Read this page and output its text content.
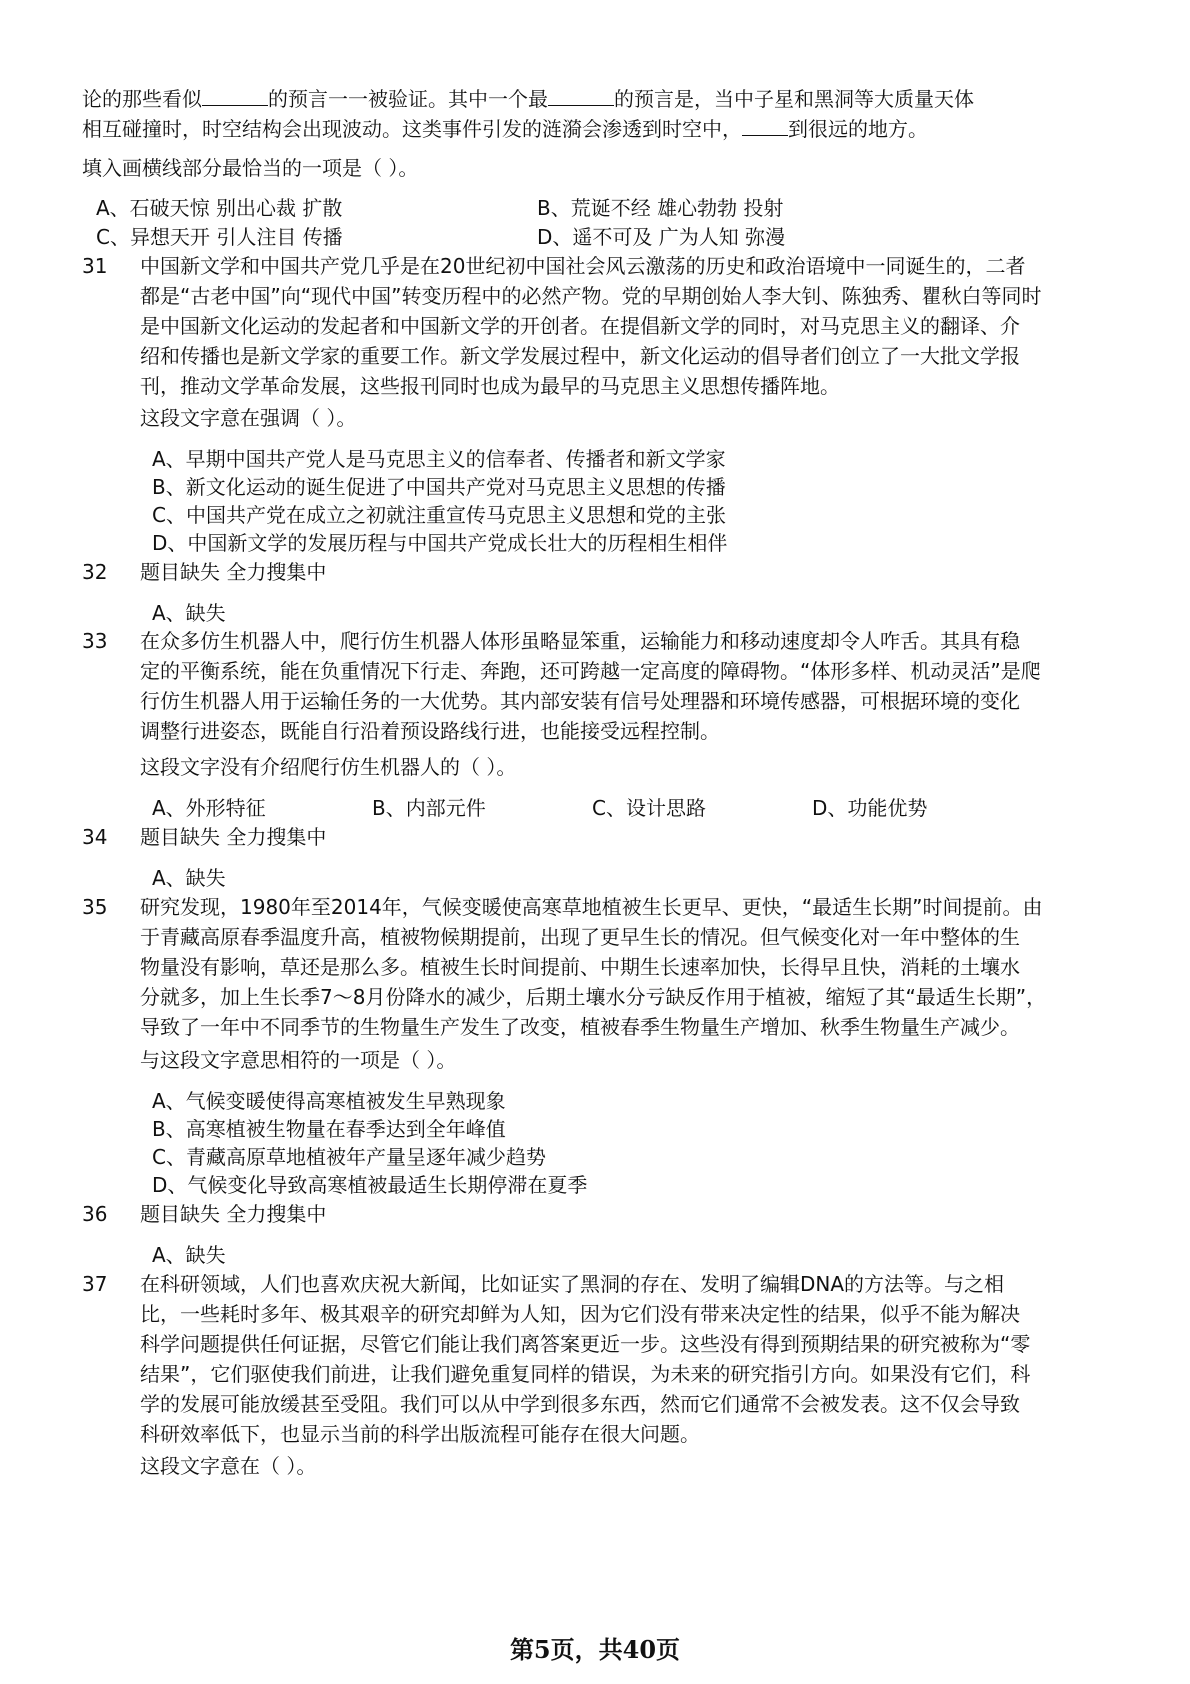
论的那些看似	的预言一一被验证。其中一个最	的预言是，当中子星和黑洞等大质量天体
相互碰撞时，时空结构会出现波动。这类事件引发的涟漪会渗透到时空中， 到很远的地方。
填入画横线部分最恰当的一项是（ ）。
A、石破天惊 别出心裁 扩散	B、荒诞不经 雄心勃勃 投射
C、异想天开 引人注目 传播	D、遥不可及 广为人知 弥漫
31 中国新文学和中国共产党几乎是在20世纪初中国社会风云激荡的历史和政治语境中一同诞生的，二者

都是“古老中国”向“现代中国”转变历程中的必然产物。党的早期创始人李大钊、陈独秀、瞿秋白等同时

是中国新文化运动的发起者和中国新文学的开创者。在提倡新文学的同时，对马克思主义的翻译、介

绍和传播也是新文学家的重要工作。新文学发展过程中，新文化运动的倡导者们创立了一大批文学报

刊，推动文学革命发展，这些报刊同时也成为最早的马克思主义思想传播阵地。

这段文字意在强调（ ）。
A、早期中国共产党人是马克思主义的信奉者、传播者和新文学家
B、新文化运动的诞生促进了中国共产党对马克思主义思想的传播
C、中国共产党在成立之初就注重宣传马克思主义思想和党的主张
D、中国新文学的发展历程与中国共产党成长壮大的历程相生相伴
32 题目缺失 全力搜集中
A、缺失
33 在众多仿生机器人中，爬行仿生机器人体形虽略显笨重，运输能力和移动速度却令人咋舌。其具有稳

定的平衡系统，能在负重情况下行走、奔跑，还可跨越一定高度的障碍物。“体形多样、机动灵活”是爬

行仿生机器人用于运输任务的一大优势。其内部安装有信号处理器和环境传感器，可根据环境的变化

调整行进姿态，既能自行沿着预设路线行进，也能接受远程控制。

这段文字没有介绍爬行仿生机器人的（ ）。
A、外形特征	B、内部元件	C、设计思路	D、功能优势
34 题目缺失 全力搜集中
A、缺失
35 研究发现，1980年至2014年，气候变暖使高寒草地植被生长更早、更快，“最适生长期”时间提前。由

于青藏高原春季温度升高，植被物候期提前，出现了更早生长的情况。但气候变化对一年中整体的生

物量没有影响，草还是那么多。植被生长时间提前、中期生长速率加快，长得早且快，消耗的土壤水

分就多，加上生长季7～8月份降水的减少，后期土壤水分亏缺反作用于植被，缩短了其“最适生长期”，

导致了一年中不同季节的生物量生产发生了改变，植被春季生物量生产增加、秋季生物量生产减少。

与这段文字意思相符的一项是（ ）。
A、气候变暖使得高寒植被发生早熟现象
B、高寒植被生物量在春季达到全年峰值
C、青藏高原草地植被年产量呈逐年减少趋势
D、气候变化导致高寒植被最适生长期停滞在夏季
36 题目缺失 全力搜集中
A、缺失
37 在科研领域，人们也喜欢庆祝大新闻，比如证实了黑洞的存在、发明了编辑DNA的方法等。与之相

比，一些耗时多年、极其艰辛的研究却鲜为人知，因为它们没有带来决定性的结果，似乎不能为解决

科学问题提供任何证据，尽管它们能让我们离答案更近一步。这些没有得到预期结果的研究被称为“零

结果”，它们驱使我们前进，让我们避免重复同样的错误，为未来的研究指引方向。如果没有它们，科

学的发展可能放缓甚至受阻。我们可以从中学到很多东西，然而它们通常不会被发表。这不仅会导致

科研效率低下，也显示当前的科学出版流程可能存在很大问题。

这段文字意在（ ）。
第5页，共40页
